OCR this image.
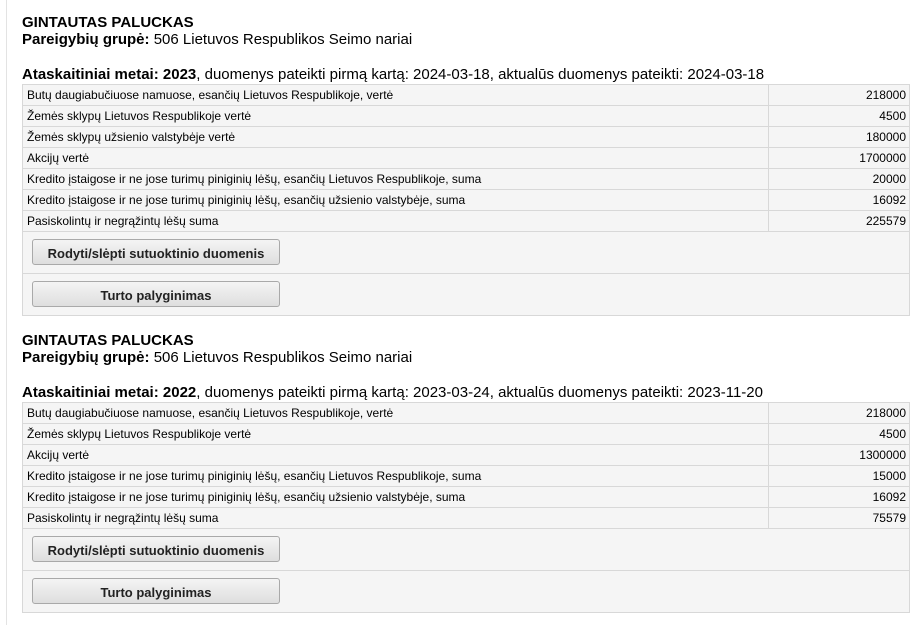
GINTAUTAS PALUCKAS
Pareigybių grupė: 506 Lietuvos Respublikos Seimo nariai
Ataskaitiniai metai: 2023, duomenys pateikti pirmą kartą: 2024-03-18, aktualūs duomenys pateikti: 2024-03-18
Butų daugiabučiuose namuose, esančių Lietuvos Respublikoje, vertė	218000
Žemės sklypų Lietuvos Respublikoje vertė	4500
Žemės sklypų užsienio valstybėje vertė	180000
Akcijų vertė	1700000
Kredito įstaigose ir ne jose turimų piniginių lėšų, esančių Lietuvos Respublikoje, suma	20000
Kredito įstaigose ir ne jose turimų piniginių lėšų, esančių užsienio valstybėje, suma	16092
Pasiskolintų ir negrąžintų lėšų suma	225579
Rodyti/slėpti sutuoktinio duomenis
Turto palyginimas
GINTAUTAS PALUCKAS
Pareigybių grupė: 506 Lietuvos Respublikos Seimo nariai
Ataskaitiniai metai: 2022, duomenys pateikti pirmą kartą: 2023-03-24, aktualūs duomenys pateikti: 2023-11-20
Butų daugiabučiuose namuose, esančių Lietuvos Respublikoje, vertė	218000
Žemės sklypų Lietuvos Respublikoje vertė	4500
Akcijų vertė	1300000
Kredito įstaigose ir ne jose turimų piniginių lėšų, esančių Lietuvos Respublikoje, suma	15000
Kredito įstaigose ir ne jose turimų piniginių lėšų, esančių užsienio valstybėje, suma	16092
Pasiskolintų ir negrąžintų lėšų suma	75579
Rodyti/slėpti sutuoktinio duomenis
Turto palyginimas
